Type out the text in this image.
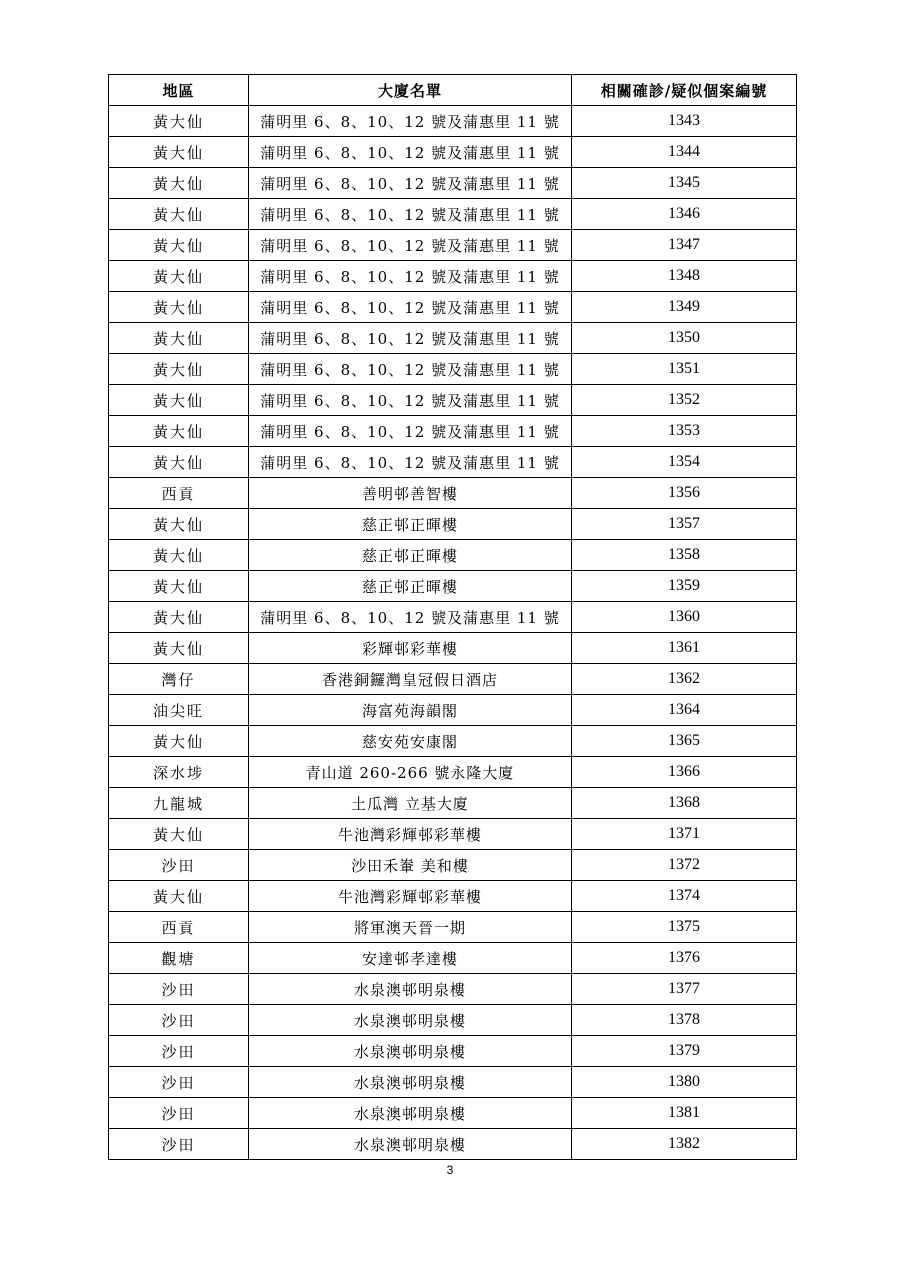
地區	大廈名單	相關確診/疑似個案編號
黃大仙	蒲明里 6、8、10、12 號及蒲惠里 11 號	1343
黃大仙	蒲明里 6、8、10、12 號及蒲惠里 11 號	1344
黃大仙	蒲明里 6、8、10、12 號及蒲惠里 11 號	1345
黃大仙	蒲明里 6、8、10、12 號及蒲惠里 11 號	1346
黃大仙	蒲明里 6、8、10、12 號及蒲惠里 11 號	1347
黃大仙	蒲明里 6、8、10、12 號及蒲惠里 11 號	1348
黃大仙	蒲明里 6、8、10、12 號及蒲惠里 11 號	1349
黃大仙	蒲明里 6、8、10、12 號及蒲惠里 11 號	1350
黃大仙	蒲明里 6、8、10、12 號及蒲惠里 11 號	1351
黃大仙	蒲明里 6、8、10、12 號及蒲惠里 11 號	1352
黃大仙	蒲明里 6、8、10、12 號及蒲惠里 11 號	1353
黃大仙	蒲明里 6、8、10、12 號及蒲惠里 11 號	1354
西貢	善明邨善智樓	1356
黃大仙	慈正邨正暉樓	1357
黃大仙	慈正邨正暉樓	1358
黃大仙	慈正邨正暉樓	1359
黃大仙	蒲明里 6、8、10、12 號及蒲惠里 11 號	1360
黃大仙	彩輝邨彩華樓	1361
灣仔	香港銅鑼灣皇冠假日酒店	1362
油尖旺	海富苑海韻閣	1364
黃大仙	慈安苑安康閣	1365
深水埗	青山道 260-266 號永隆大廈	1366
九龍城	土瓜灣 立基大廈	1368
黃大仙	牛池灣彩輝邨彩華樓	1371
沙田	沙田禾輋 美和樓	1372
黃大仙	牛池灣彩輝邨彩華樓	1374
西貢	將軍澳天晉一期	1375
觀塘	安達邨孝達樓	1376
沙田	水泉澳邨明泉樓	1377
沙田	水泉澳邨明泉樓	1378
沙田	水泉澳邨明泉樓	1379
沙田	水泉澳邨明泉樓	1380
沙田	水泉澳邨明泉樓	1381
沙田	水泉澳邨明泉樓	1382
3
